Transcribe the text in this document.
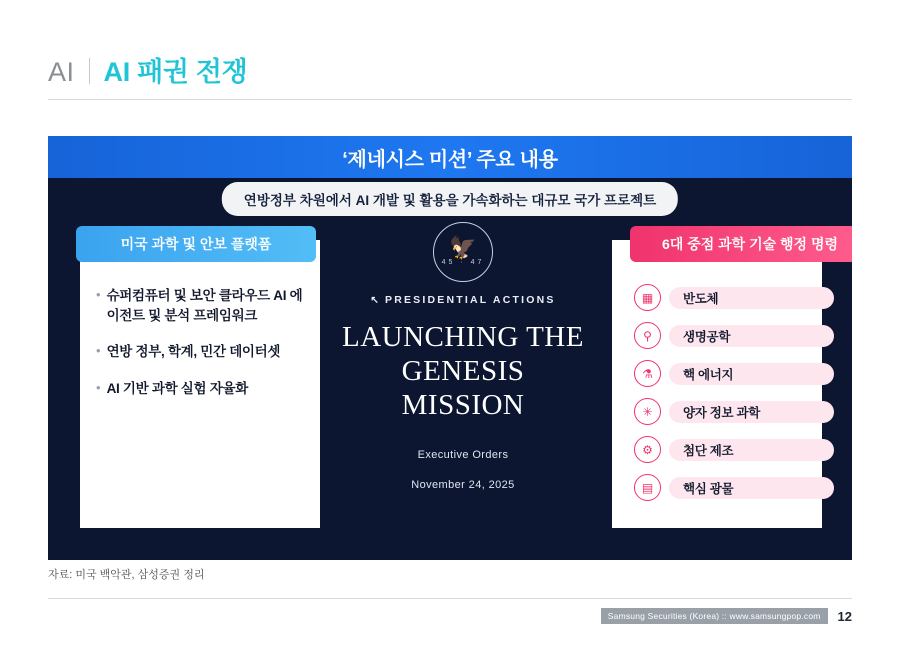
AI AI 패권 전쟁
‘제네시스 미션’ 주요 내용
연방정부 차원에서 AI 개발 및 활용을 가속화하는 대규모 국가 프로젝트
미국 과학 및 안보 플랫폼
• 슈퍼컴퓨터 및 보안 클라우드 AI 에이전트 및 분석 프레임워크
• 연방 정부, 학계, 민간 데이터셋
• AI 기반 과학 실험 자율화
🦅
45 · 47
↖ PRESIDENTIAL ACTIONS
LAUNCHING THE
GENESIS MISSION
Executive Orders
November 24, 2025
6대 중점 과학 기술 행정 명령
▦	반도체
⚲	생명공학
⚗	핵 에너지
✳	양자 정보 과학
⚙	첨단 제조
▤	핵심 광물
자료: 미국 백악관, 삼성증권 정리
Samsung Securities (Korea) :: www.samsungpop.com	12
